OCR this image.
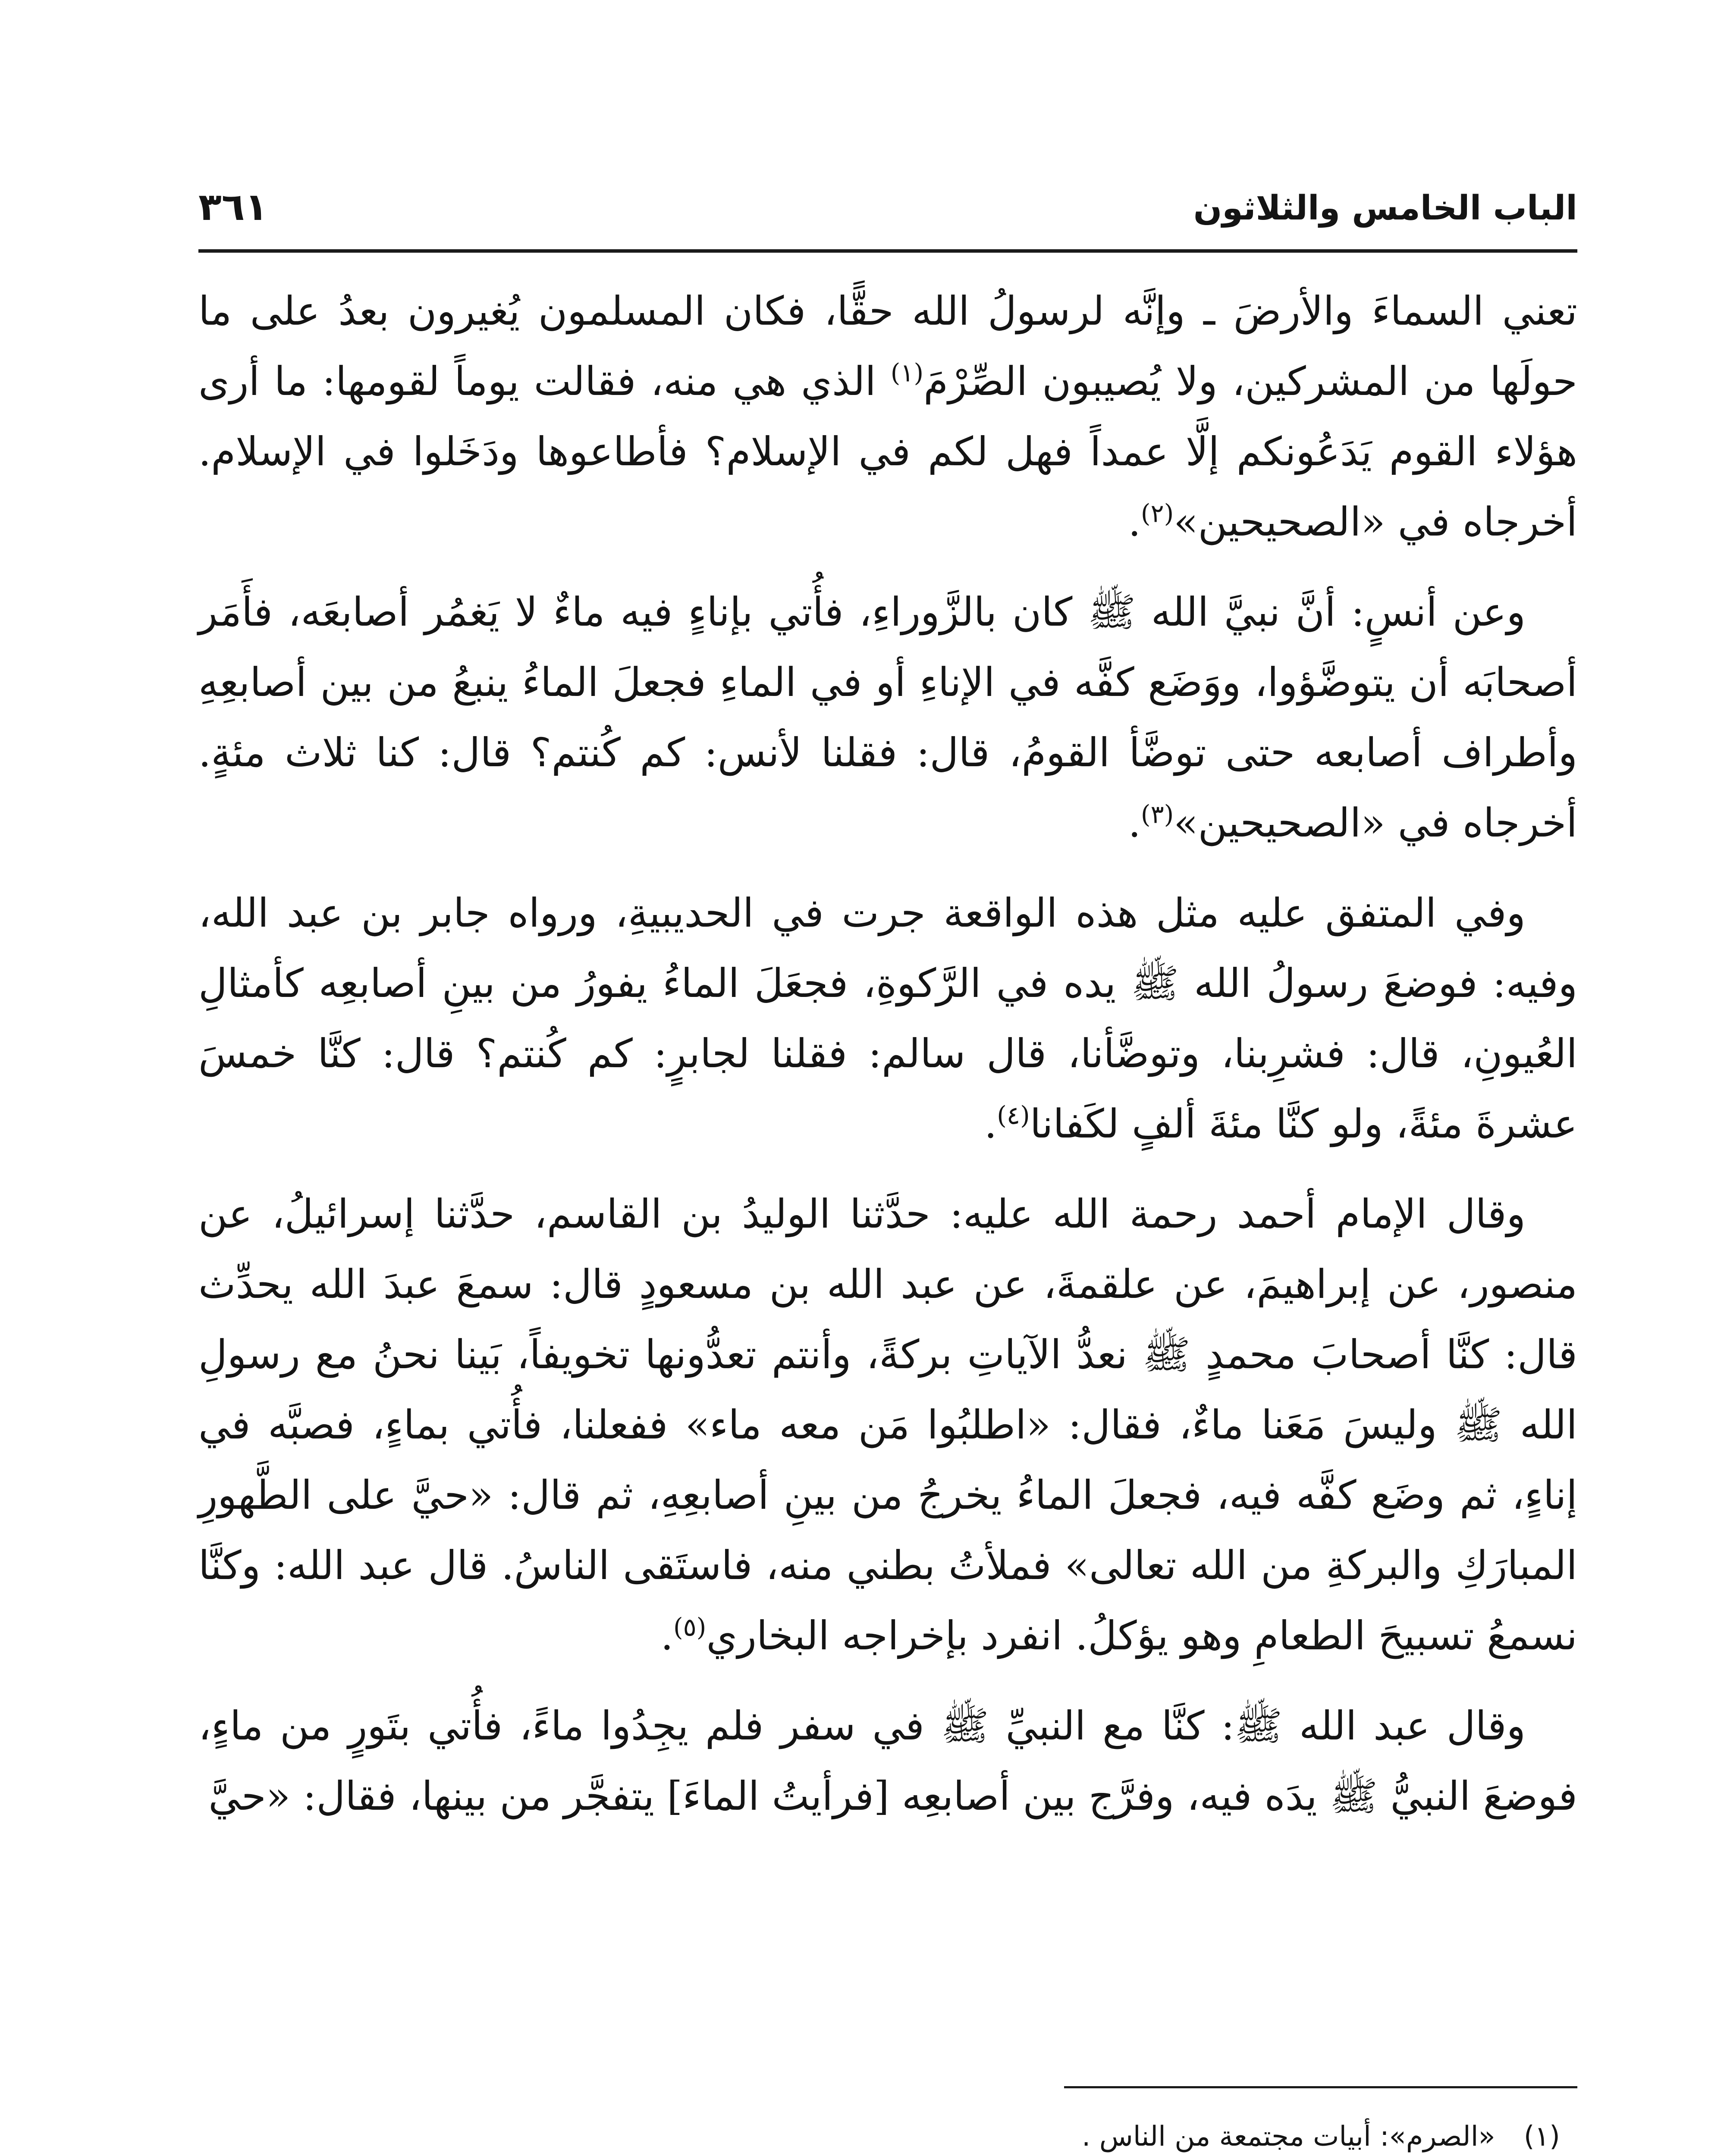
الباب الخامس والثلاثون
٣٦١

تعني السماءَ والأرضَ ـ وإنَّه لرسولُ الله حقًّا، فكان المسلمون يُغيرون بعدُ على ما حولَها من المشركين، ولا يُصيبون الصِّرْمَ$^{(١)}$ الذي هي منه، فقالت يوماً لقومها: ما أرى هؤلاء القوم يَدَعُونكم إلَّا عمداً فهل لكم في الإسلام؟ فأطاعوها ودَخَلوا في الإسلام. أخرجاه في «الصحيحين»$^{(٢)}$.

وعن أنسٍ: أنَّ نبيَّ الله ﷺ كان بالزَّوراءِ، فأُتي بإناءٍ فيه ماءٌ لا يَغمُر أصابعَه، فأَمَر أصحابَه أن يتوضَّؤوا، ووَضَع كفَّه في الإناءِ أو في الماءِ فجعلَ الماءُ ينبعُ من بين أصابعِهِ وأطراف أصابعه حتى توضَّأ القومُ، قال: فقلنا لأنس: كم كُنتم؟ قال: كنا ثلاث مئةٍ. أخرجاه في «الصحيحين»$^{(٣)}$.

وفي المتفق عليه مثل هذه الواقعة جرت في الحديبيةِ، ورواه جابر بن عبد الله، وفيه: فوضعَ رسولُ الله ﷺ يده في الرَّكوةِ، فجعَلَ الماءُ يفورُ من بينِ أصابعِه كأمثالِ العُيونِ، قال: فشرِبنا، وتوضَّأنا، قال سالم: فقلنا لجابرٍ: كم كُنتم؟ قال: كنَّا خمسَ عشرةَ مئةً، ولو كنَّا مئةَ ألفٍ لكَفانا$^{(٤)}$.

وقال الإمام أحمد رحمة الله عليه: حدَّثنا الوليدُ بن القاسم، حدَّثنا إسرائيلُ، عن منصور، عن إبراهيمَ، عن علقمةَ، عن عبد الله بن مسعودٍ قال: سمعَ عبدَ الله يحدِّث قال: كنَّا أصحابَ محمدٍ ﷺ نعدُّ الآياتِ بركةً، وأنتم تعدُّونها تخويفاً، بَينا نحنُ مع رسولِ الله ﷺ وليسَ مَعَنا ماءٌ، فقال: «اطلبُوا مَن معه ماء» ففعلنا، فأُتي بماءٍ، فصبَّه في إناءٍ، ثم وضَع كفَّه فيه، فجعلَ الماءُ يخرجُ من بينِ أصابعِهِ، ثم قال: «حيَّ على الطَّهورِ المبارَكِ والبركةِ من الله تعالى» فملأتُ بطني منه، فاستَقى الناسُ. قال عبد الله: وكنَّا نسمعُ تسبيحَ الطعامِ وهو يؤكلُ. انفرد بإخراجه البخاري$^{(٥)}$.

وقال عبد الله ﷺ: كنَّا مع النبيِّ ﷺ في سفر فلم يجِدُوا ماءً، فأُتي بتَورٍ من ماءٍ، فوضعَ النبيُّ ﷺ يدَه فيه، وفرَّج بين أصابعِه [فرأيتُ الماءَ] يتفجَّر من بينها، فقال: «حيَّ

(١) «الصرم»: أبيات مجتمعة من الناس .
